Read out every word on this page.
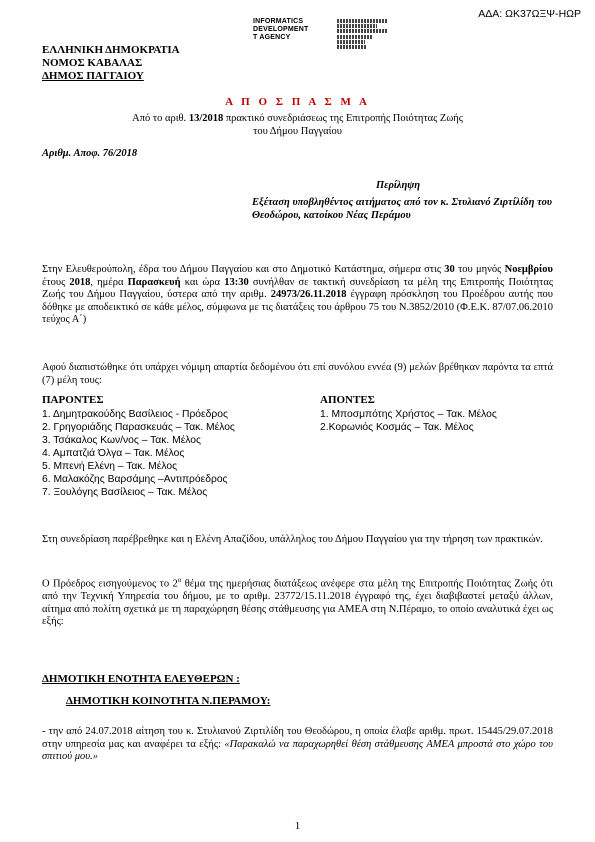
ΑΔΑ: ΩΚ37ΩΞΨ-ΗΩΡ
INFORMATICS
DEVELOPMENT
T AGENCY
ΕΛΛΗΝΙΚΗ ΔΗΜΟΚΡΑΤΙΑ
ΝΟΜΟΣ ΚΑΒΑΛΑΣ
ΔΗΜΟΣ ΠΑΓΓΑΙΟΥ
Α Π Ο Σ Π Α Σ Μ Α
Από το αριθ. 13/2018 πρακτικό συνεδριάσεως της Επιτροπής Ποιότητας Ζωής
του Δήμου Παγγαίου
Αριθμ. Αποφ. 76/2018
Περίληψη
Εξέταση υποβληθέντος αιτήματος από τον κ. Στυλιανό Ζιρτίλίδη του Θεοδώρου, κατοίκου Νέας Περάμου
Στην Ελευθερούπολη, έδρα του Δήμου Παγγαίου και στο Δημοτικό Κατάστημα, σήμερα στις 30 του μηνός Νοεμβρίου έτους 2018, ημέρα Παρασκευή και ώρα 13:30 συνήλθαν σε τακτική συνεδρίαση τα μέλη της Επιτροπής Ποιότητας Ζωής του Δήμου Παγγαίου, ύστερα από την αριθμ. 24973/26.11.2018 έγγραφη πρόσκληση του Προέδρου αυτής που δόθηκε με αποδεικτικό σε κάθε μέλος, σύμφωνα με τις διατάξεις του άρθρου 75 του Ν.3852/2010 (Φ.Ε.Κ. 87/07.06.2010 τεύχος Α΄)
Αφού διαπιστώθηκε ότι υπάρχει νόμιμη απαρτία δεδομένου ότι επί συνόλου εννέα (9) μελών βρέθηκαν παρόντα τα επτά (7) μέλη τους:
ΠΑΡΟΝΤΕΣ	ΑΠΟΝΤΕΣ
1. Δημητρακούδης Βασίλειος - Πρόεδρος
2. Γρηγοριάδης Παρασκευάς – Τακ. Μέλος
3. Τσάκαλος Κων/νος – Τακ. Μέλος
4. Αμπατζιά Όλγα – Τακ. Μέλος
5. Μπενή Ελένη – Τακ. Μέλος
6. Μαλακόζης Βαρσάμης –Αντιπρόεδρος
7. Ξουλόγης Βασίλειος – Τακ. Μέλος
1. Μποσμπότης Χρήστος – Τακ. Μέλος
2.Κορωνιός Κοσμάς – Τακ. Μέλος
Στη συνεδρίαση παρέβρεθηκε και η Ελένη Απαζίδου, υπάλληλος του Δήμου Παγγαίου για την τήρηση των πρακτικών.
Ο Πρόεδρος εισηγούμενος το $2^o$ θέμα της ημερήσιας διατάξεως ανέφερε στα μέλη της Επιτροπής Ποιότητας Ζωής ότι από την Τεχνική Υπηρεσία του δήμου, με το αριθμ. 23772/15.11.2018 έγγραφό της, έχει διαβιβαστεί μεταξύ άλλων, αίτημα από πολίτη σχετικά με τη παραχώρηση θέσης στάθμευσης για ΑΜΕΑ στη Ν.Πέραμο, το οποίο αναλυτικά έχει ως εξής:
ΔΗΜΟΤΙΚΗ ΕΝΟΤΗΤΑ ΕΛΕΥΘΕΡΩΝ :
ΔΗΜΟΤΙΚΗ ΚΟΙΝΟΤΗΤΑ Ν.ΠΕΡΑΜΟΥ:
- την από 24.07.2018 αίτηση του κ. Στυλιανού Ζιρτιλίδη του Θεοδώρου, η οποία έλαβε αριθμ. πρωτ. 15445/29.07.2018 στην υπηρεσία μας και αναφέρει τα εξής: «Παρακαλώ να παραχωρηθεί θέση στάθμευσης ΑΜΕΑ μπροστά στο χώρο του σπιτιού μου.»
1
